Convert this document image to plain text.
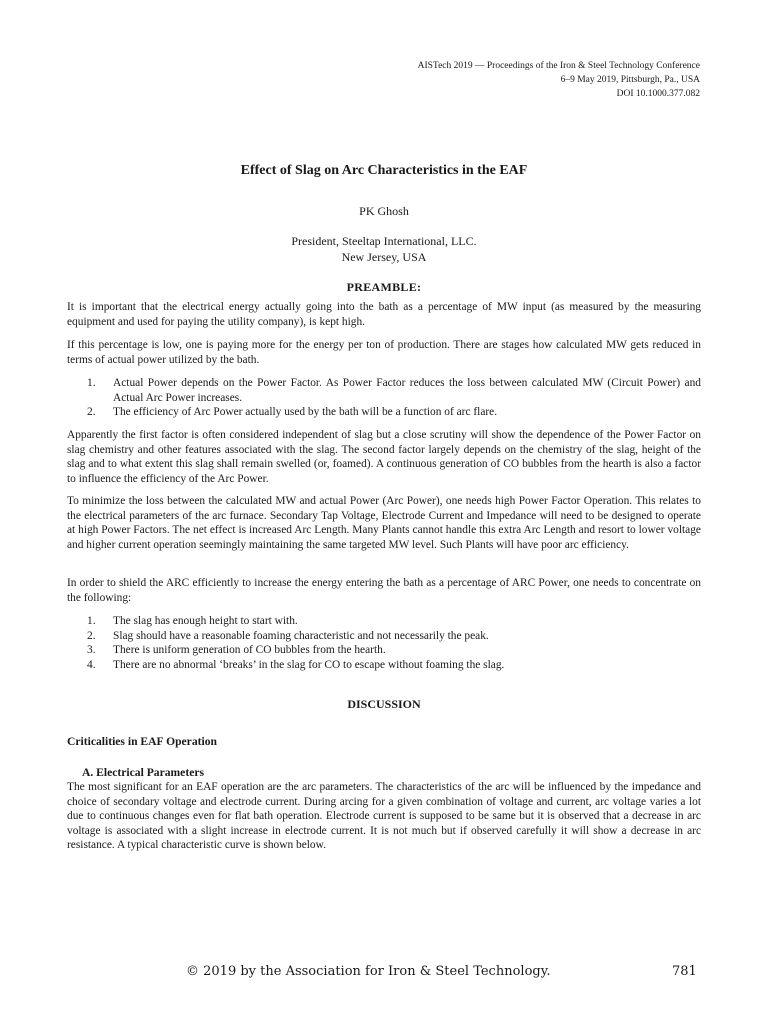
AISTech 2019 — Proceedings of the Iron & Steel Technology Conference
6–9 May 2019, Pittsburgh, Pa., USA
DOI 10.1000.377.082
Effect of Slag on Arc Characteristics in the EAF
PK Ghosh
President, Steeltap International, LLC.
New Jersey, USA
PREAMBLE:
It is important that the electrical energy actually going into the bath as a percentage of MW input (as measured by the measuring equipment and used for paying the utility company), is kept high.
If this percentage is low, one is paying more for the energy per ton of production. There are stages how calculated MW gets reduced in terms of actual power utilized by the bath.
1. Actual Power depends on the Power Factor. As Power Factor reduces the loss between calculated MW (Circuit Power) and Actual Arc Power increases.
2. The efficiency of Arc Power actually used by the bath will be a function of arc flare.
Apparently the first factor is often considered independent of slag but a close scrutiny will show the dependence of the Power Factor on slag chemistry and other features associated with the slag. The second factor largely depends on the chemistry of the slag, height of the slag and to what extent this slag shall remain swelled (or, foamed). A continuous generation of CO bubbles from the hearth is also a factor to influence the efficiency of the Arc Power.
To minimize the loss between the calculated MW and actual Power (Arc Power), one needs high Power Factor Operation. This relates to the electrical parameters of the arc furnace. Secondary Tap Voltage, Electrode Current and Impedance will need to be designed to operate at high Power Factors. The net effect is increased Arc Length. Many Plants cannot handle this extra Arc Length and resort to lower voltage and higher current operation seemingly maintaining the same targeted MW level. Such Plants will have poor arc efficiency.
In order to shield the ARC efficiently to increase the energy entering the bath as a percentage of ARC Power, one needs to concentrate on the following:
1. The slag has enough height to start with.
2. Slag should have a reasonable foaming characteristic and not necessarily the peak.
3. There is uniform generation of CO bubbles from the hearth.
4. There are no abnormal ‘breaks’ in the slag for CO to escape without foaming the slag.
DISCUSSION
Criticalities in EAF Operation
A. Electrical Parameters
The most significant for an EAF operation are the arc parameters. The characteristics of the arc will be influenced by the impedance and choice of secondary voltage and electrode current. During arcing for a given combination of voltage and current, arc voltage varies a lot due to continuous changes even for flat bath operation. Electrode current is supposed to be same but it is observed that a decrease in arc voltage is associated with a slight increase in electrode current. It is not much but if observed carefully it will show a decrease in arc resistance. A typical characteristic curve is shown below.
© 2019 by the Association for Iron & Steel Technology.	781
